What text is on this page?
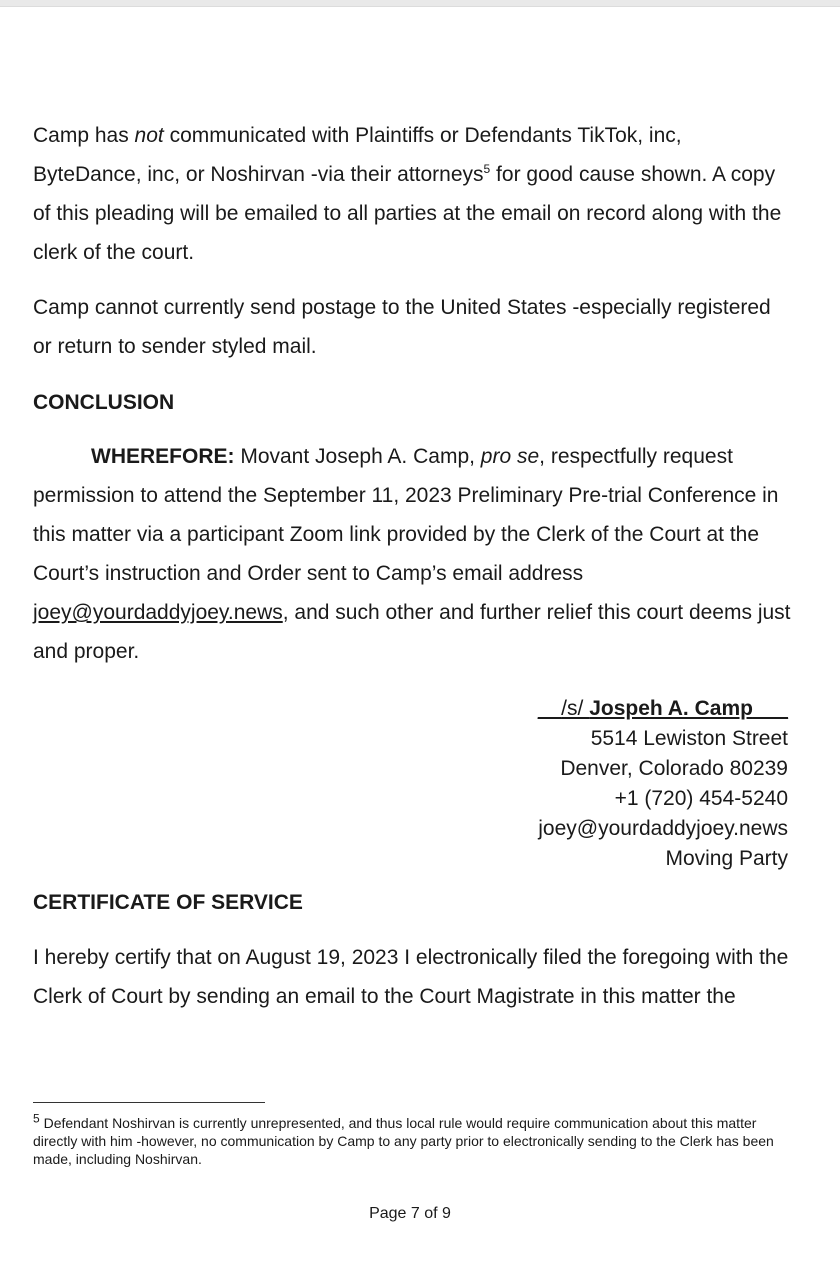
Camp has not communicated with Plaintiffs or Defendants TikTok, inc, ByteDance, inc, or Noshirvan -via their attorneys$^5$ for good cause shown. A copy of this pleading will be emailed to all parties at the email on record along with the clerk of the court.

Camp cannot currently send postage to the United States -especially registered or return to sender styled mail.

CONCLUSION

WHEREFORE: Movant Joseph A. Camp, pro se, respectfully request permission to attend the September 11, 2023 Preliminary Pre-trial Conference in this matter via a participant Zoom link provided by the Clerk of the Court at the Court’s instruction and Order sent to Camp’s email address joey@yourdaddyjoey.news, and such other and further relief this court deems just and proper.

__/s/ Jospeh A. Camp___
5514 Lewiston Street
Denver, Colorado 80239
+1 (720) 454-5240
joey@yourdaddyjoey.news
Moving Party

CERTIFICATE OF SERVICE

I hereby certify that on August 19, 2023 I electronically filed the foregoing with the Clerk of Court by sending an email to the Court Magistrate in this matter the

$^5$ Defendant Noshirvan is currently unrepresented, and thus local rule would require communication about this matter directly with him -however, no communication by Camp to any party prior to electronically sending to the Clerk has been made, including Noshirvan.

Page 7 of 9
